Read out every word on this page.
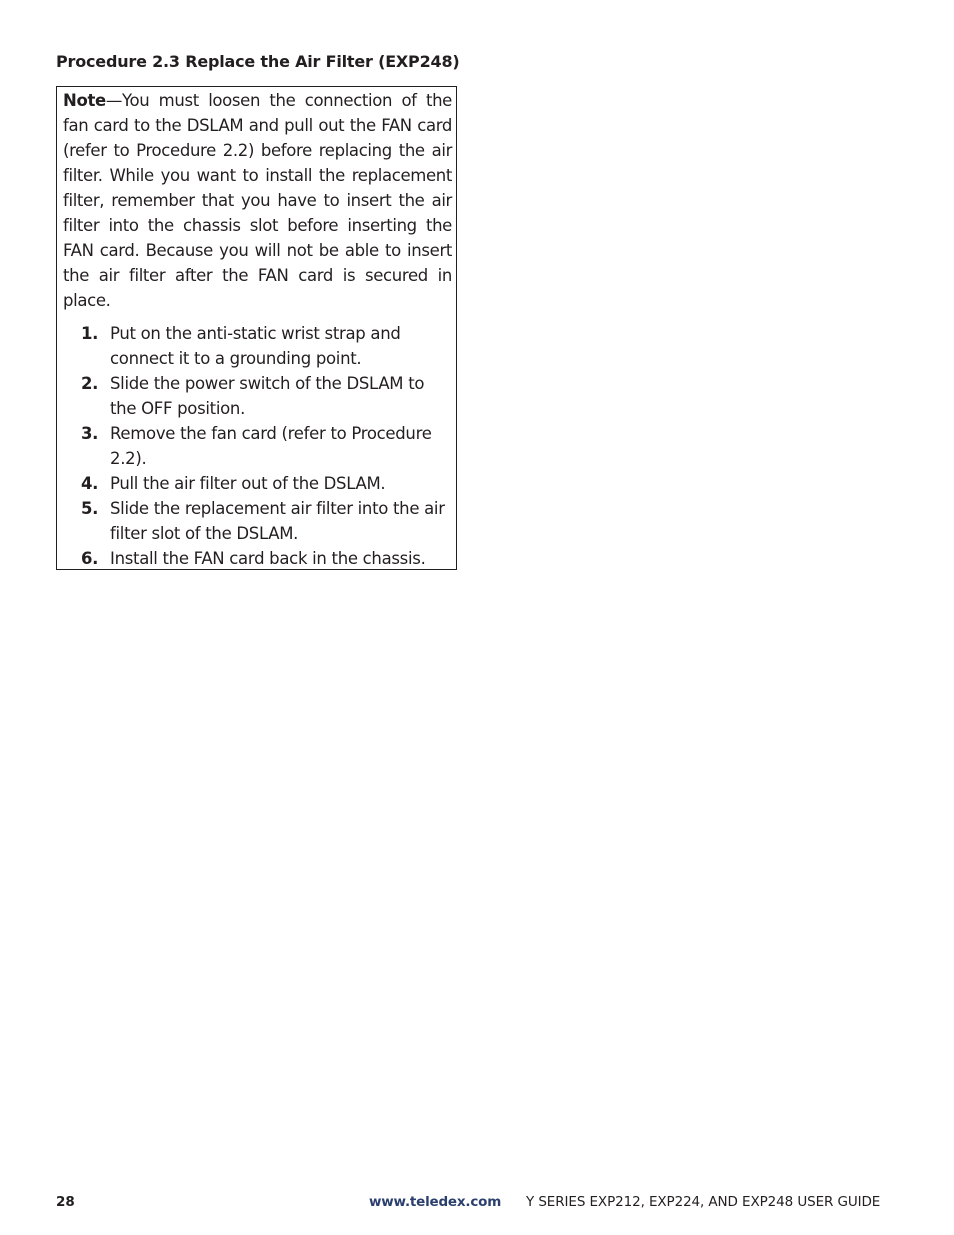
Procedure 2.3 Replace the Air Filter (EXP248)

Note—You must loosen the connection of the fan card to the DSLAM and pull out the FAN card (refer to Procedure 2.2) before replacing the air filter. While you want to install the replacement filter, remember that you have to insert the air filter into the chassis slot before inserting the FAN card. Because you will not be able to insert the air filter after the FAN card is secured in place.

1. Put on the anti-static wrist strap and connect it to a grounding point.
2. Slide the power switch of the DSLAM to the OFF position.
3. Remove the fan card (refer to Procedure 2.2).
4. Pull the air filter out of the DSLAM.
5. Slide the replacement air filter into the air filter slot of the DSLAM.
6. Install the FAN card back in the chassis.
28	www.teledex.com Y SERIES EXP212, EXP224, AND EXP248 USER GUIDE
